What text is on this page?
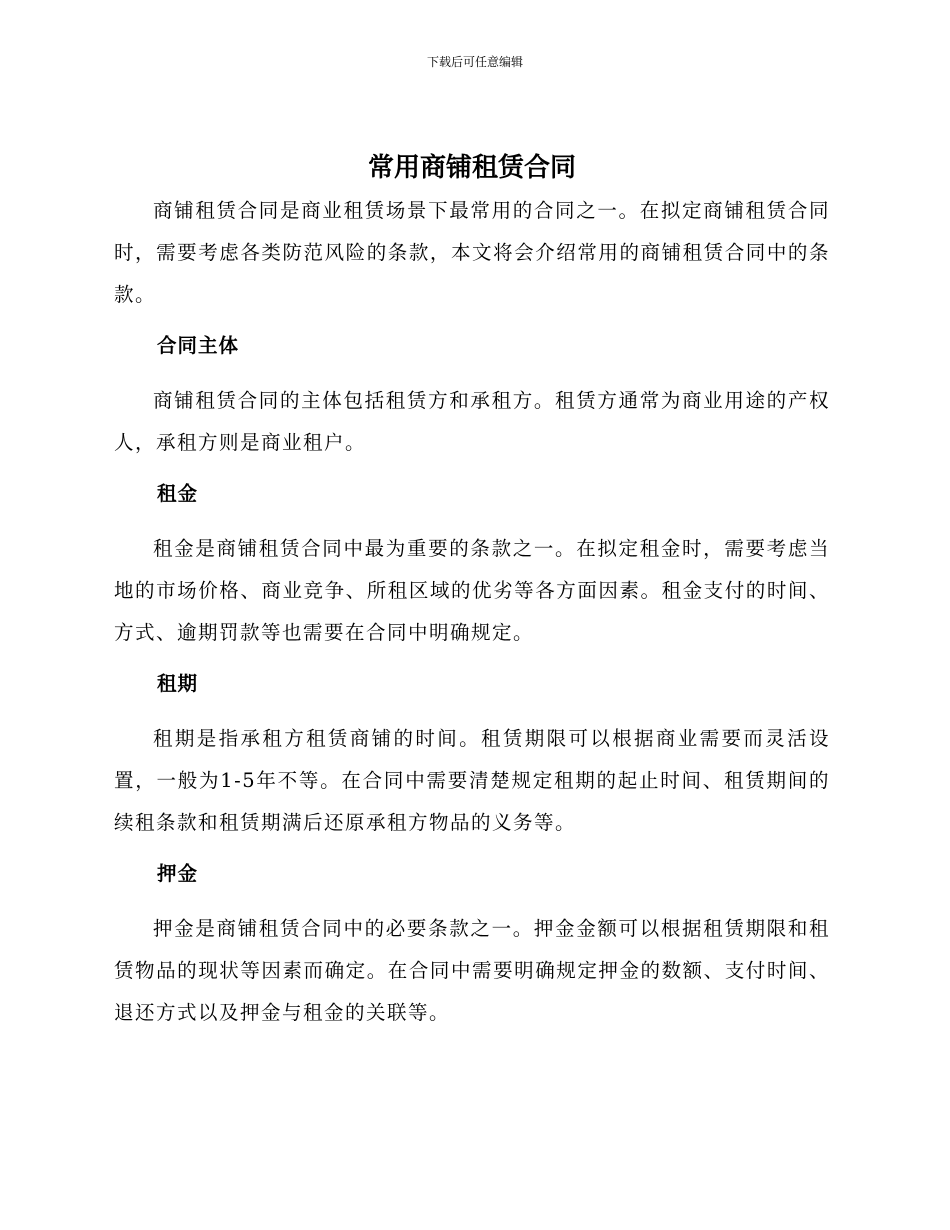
下载后可任意编辑
常用商铺租赁合同

商铺租赁合同是商业租赁场景下最常用的合同之一。在拟定商铺租赁合同时，需要考虑各类防范风险的条款，本文将会介绍常用的商铺租赁合同中的条款。

合同主体

商铺租赁合同的主体包括租赁方和承租方。租赁方通常为商业用途的产权人，承租方则是商业租户。

租金

租金是商铺租赁合同中最为重要的条款之一。在拟定租金时，需要考虑当地的市场价格、商业竞争、所租区域的优劣等各方面因素。租金支付的时间、方式、逾期罚款等也需要在合同中明确规定。

租期

租期是指承租方租赁商铺的时间。租赁期限可以根据商业需要而灵活设置，一般为1-5年不等。在合同中需要清楚规定租期的起止时间、租赁期间的续租条款和租赁期满后还原承租方物品的义务等。

押金

押金是商铺租赁合同中的必要条款之一。押金金额可以根据租赁期限和租赁物品的现状等因素而确定。在合同中需要明确规定押金的数额、支付时间、退还方式以及押金与租金的关联等。
